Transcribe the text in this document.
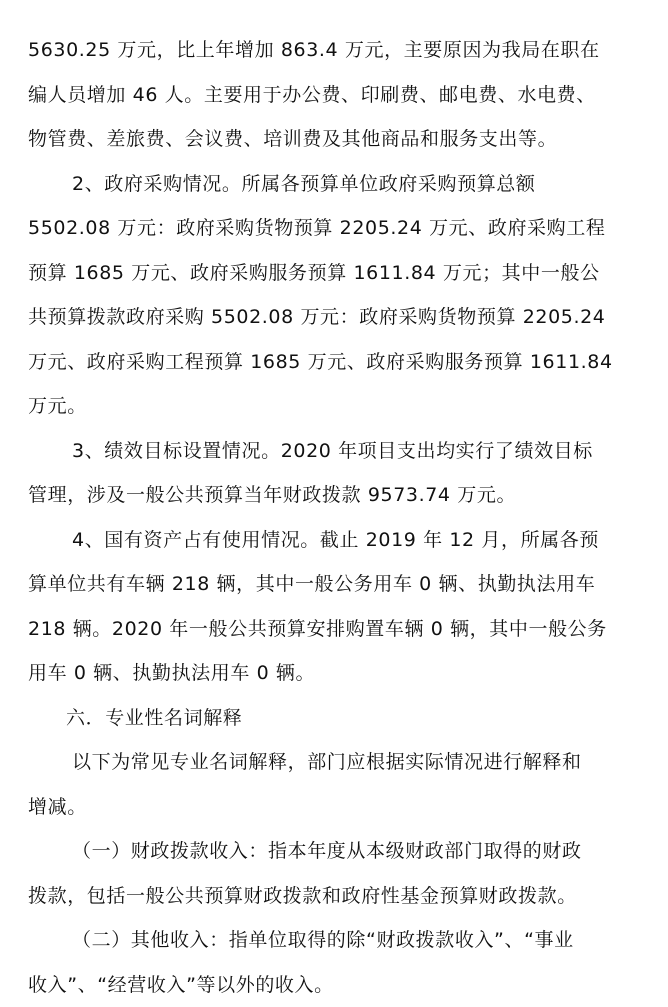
5630.25 万元，比上年增加 863.4 万元，主要原因为我局在职在
编人员增加 46 人。主要用于办公费、印刷费、邮电费、水电费、
物管费、差旅费、会议费、培训费及其他商品和服务支出等。

2、政府采购情况。所属各预算单位政府采购预算总额
5502.08 万元：政府采购货物预算 2205.24 万元、政府采购工程
预算 1685 万元、政府采购服务预算 1611.84 万元；其中一般公
共预算拨款政府采购 5502.08 万元：政府采购货物预算 2205.24
万元、政府采购工程预算 1685 万元、政府采购服务预算 1611.84
万元。

3、绩效目标设置情况。2020 年项目支出均实行了绩效目标
管理，涉及一般公共预算当年财政拨款 9573.74 万元。

4、国有资产占有使用情况。截止 2019 年 12 月，所属各预
算单位共有车辆 218 辆，其中一般公务用车 0 辆、执勤执法用车
218 辆。2020 年一般公共预算安排购置车辆 0 辆，其中一般公务
用车 0 辆、执勤执法用车 0 辆。

六．专业性名词解释

以下为常见专业名词解释，部门应根据实际情况进行解释和
增减。

（一）财政拨款收入：指本年度从本级财政部门取得的财政
拨款，包括一般公共预算财政拨款和政府性基金预算财政拨款。

（二）其他收入：指单位取得的除“财政拨款收入”、“事业
收入”、“经营收入”等以外的收入。
